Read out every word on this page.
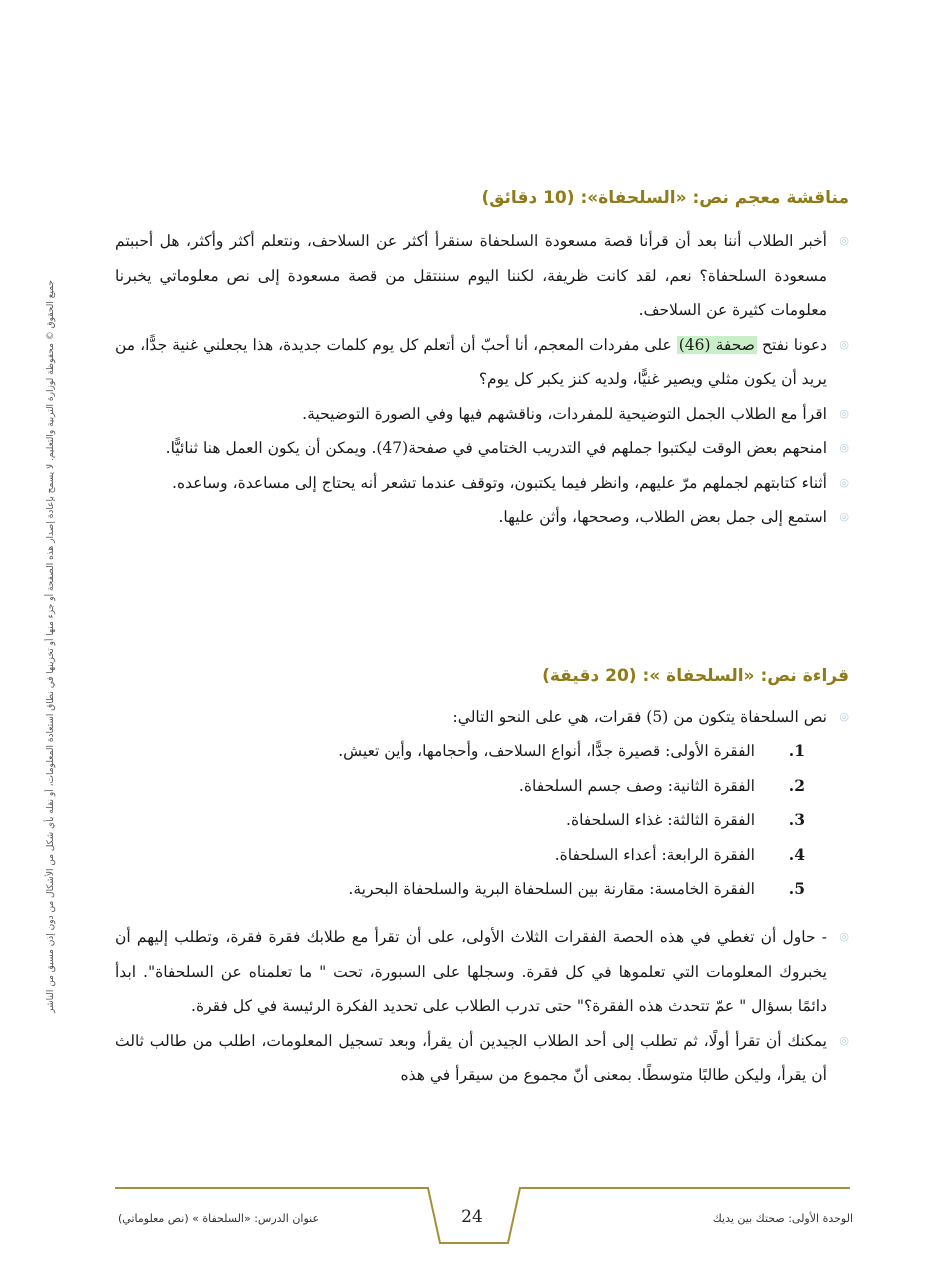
جميع الحقوق © محفوظة لوزارة التربية والتعليم. لا يسمح بإعادة إصدار هذه الصفحة أو جزء منها أو تخزينها في نطاق استعادة المعلومات، أو نقله بأي شكل من الأشكال من دون إذن مسبق من الناشر
مناقشة معجم نص: «السلحفاة»: (10 دقائق)
◎ أخبر الطلاب أننا بعد أن قرأنا قصة مسعودة السلحفاة سنقرأ أكثر عن السلاحف، ونتعلم أكثر وأكثر، هل أحببتم مسعودة السلحفاة؟ نعم، لقد كانت ظريفة، لكننا اليوم سننتقل من قصة مسعودة إلى نص معلوماتي يخبرنا معلومات كثيرة عن السلاحف.
◎ دعونا نفتح صحفة (46) على مفردات المعجم، أنا أحبّ أن أتعلم كل يوم كلمات جديدة، هذا يجعلني غنية جدًّا، من يريد أن يكون مثلي ويصير غنيًّا، ولديه كنز يكبر كل يوم؟
◎ اقرأ مع الطلاب الجمل التوضيحية للمفردات، وناقشهم فيها وفي الصورة التوضيحية.
◎ امنحهم بعض الوقت ليكتبوا جملهم في التدريب الختامي في صفحة(47). ويمكن أن يكون العمل هنا ثنائيًّا.
◎ أثناء كتابتهم لجملهم مرّ عليهم، وانظر فيما يكتبون، وتوقف عندما تشعر أنه يحتاج إلى مساعدة، وساعده.
◎ استمع إلى جمل بعض الطلاب، وصححها، وأثن عليها.
قراءة نص: «السلحفاة »: (20 دقيقة)
◎ نص السلحفاة يتكون من (5) فقرات، هي على النحو التالي:
1.الفقرة الأولى: قصيرة جدًّا، أنواع السلاحف، وأحجامها، وأين تعيش.
2.الفقرة الثانية: وصف جسم السلحفاة.
3.الفقرة الثالثة: غذاء السلحفاة.
4.الفقرة الرابعة: أعداء السلحفاة.
5.الفقرة الخامسة: مقارنة بين السلحفاة البرية والسلحفاة البحرية.
◎ - حاول أن تغطي في هذه الحصة الفقرات الثلاث الأولى، على أن تقرأ مع طلابك فقرة فقرة، وتطلب إليهم أن يخبروك المعلومات التي تعلموها في كل فقرة. وسجلها على السبورة، تحت " ما تعلمناه عن السلحفاة". ابدأ دائمًا بسؤال " عمّ تتحدث هذه الفقرة؟" حتى تدرب الطلاب على تحديد الفكرة الرئيسة في كل فقرة.
◎ يمكنك أن تقرأ أولًا، ثم تطلب إلى أحد الطلاب الجيدين أن يقرأ، وبعد تسجيل المعلومات، اطلب من طالب ثالث أن يقرأ، وليكن طالبًا متوسطًا. بمعنى أنّ مجموع من سيقرأ في هذه
الوحدة الأولى: صحتك بين يديك
24
عنوان الدرس: «السلحفاة » (نص معلوماتي)
